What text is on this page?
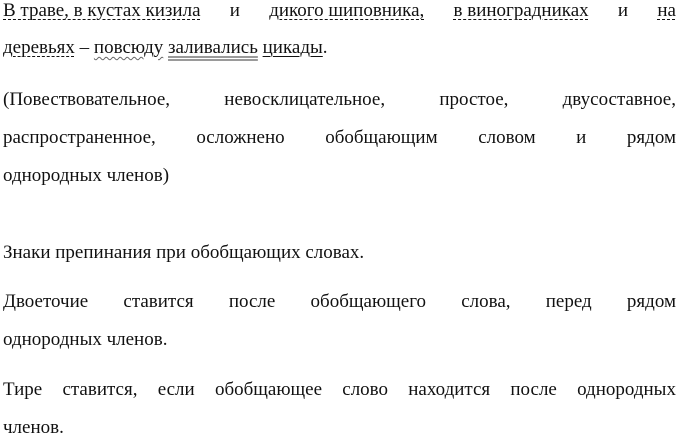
В траве, в кустах кизила и дикого шиповника, в виноградниках и на
деревьях – повсюду заливались цикады.
(Повествовательное,	невосклицательное,	простое,	двусоставное,
распространенное, осложнено обобщающим словом и рядом
однородных членов)
Знаки препинания при обобщающих словах.
Двоеточие ставится после обобщающего слова, перед рядом
однородных членов.
Тире ставится, если обобщающее слово находится после однородных
членов.
